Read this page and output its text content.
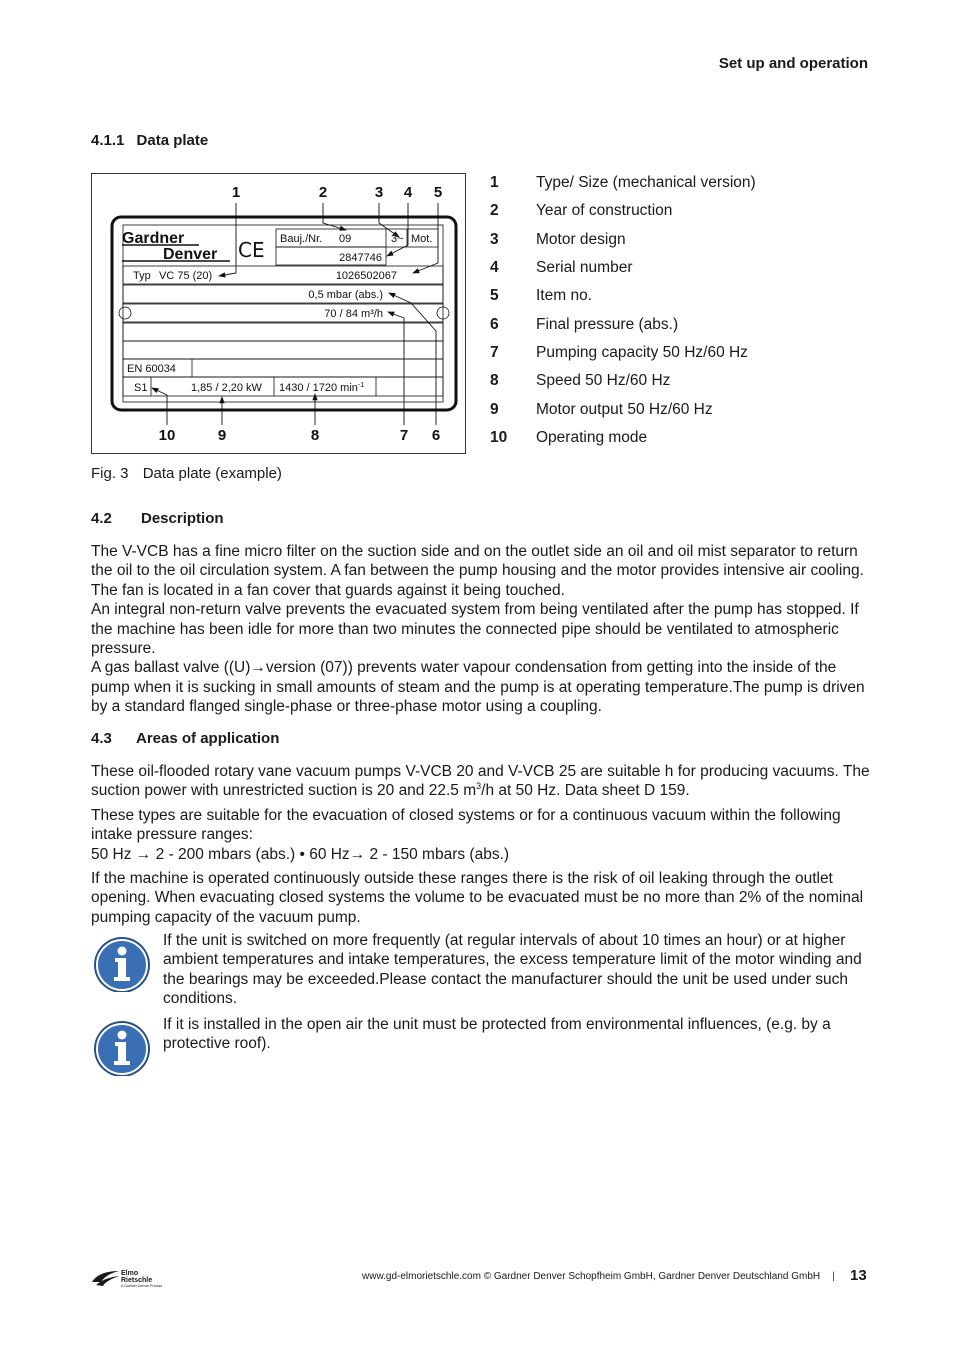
Set up and operation
4.1.1 Data plate
1	2	3 4 5
10	9	8	7 6
Gardner
Denver CE Bauj./Nr. 09	3~ Mot.
2847746
Typ VC 75 (20)	1026502067
0,5 mbar (abs.)
70 / 84 m³/h
EN 60034
S1	1,85 / 2,20 kW 1430 / 1720 $\min^{-1}$
1	Type/ Size (mechanical version)
2	Year of construction
3	Motor design
4	Serial number
5	Item no.
6	Final pressure (abs.)
7	Pumping capacity 50 Hz/60 Hz
8	Speed 50 Hz/60 Hz
9	Motor output 50 Hz/60 Hz
10	Operating mode
Fig. 3 Data plate (example)
4.2 Description

The V-VCB has a fine micro filter on the suction side and on the outlet side an oil and oil mist separator to return the oil to the oil circulation system. A fan between the pump housing and the motor provides intensive air cooling. The fan is located in a fan cover that guards against it being touched.

An integral non-return valve prevents the evacuated system from being ventilated after the pump has stopped. If the machine has been idle for more than two minutes the connected pipe should be ventilated to atmospheric pressure.

A gas ballast valve ((U)→version (07)) prevents water vapour condensation from getting into the inside of the pump when it is sucking in small amounts of steam and the pump is at operating temperature.The pump is driven by a standard flanged single-phase or three-phase motor using a coupling.

4.3 Areas of application

These oil-flooded rotary vane vacuum pumps V-VCB 20 and V-VCB 25 are suitable h for producing vacuums. The suction power with unrestricted suction is 20 and 22.5 $m^3/h$ at 50 Hz. Data sheet D 159.

These types are suitable for the evacuation of closed systems or for a continuous vacuum within the following intake pressure ranges:

50 Hz → 2 - 200 mbars (abs.) • 60 Hz→ 2 - 150 mbars (abs.)

If the machine is operated continuously outside these ranges there is the risk of oil leaking through the outlet opening. When evacuating closed systems the volume to be evacuated must be no more than 2% of the nominal pumping capacity of the vacuum pump.

If the unit is switched on more frequently (at regular intervals of about 10 times an hour) or at higher ambient temperatures and intake temperatures, the excess temperature limit of the motor winding and the bearings may be exceeded.Please contact the manufacturer should the unit be used under such conditions.
If it is installed in the open air the unit must be protected from environmental influences, (e.g. by a protective roof).
Elmo
Rietschle
A Gardner Denver Product
www.gd-elmorietschle.com © Gardner Denver Schopfheim GmbH, Gardner Denver Deutschland GmbH |	13
